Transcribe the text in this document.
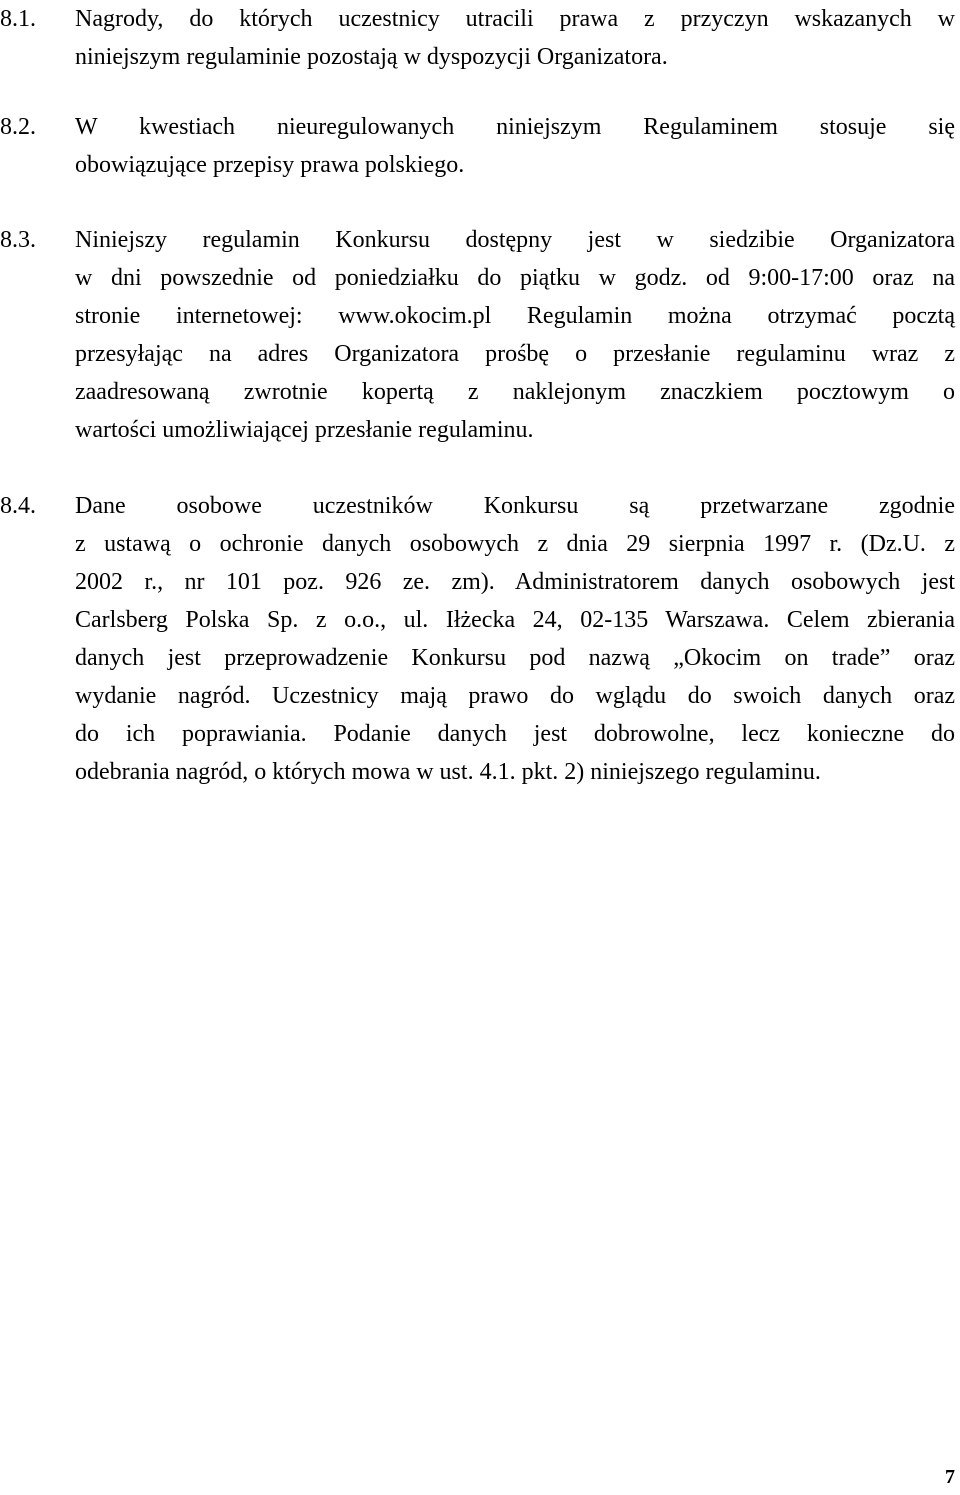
8.1. Nagrody, do których uczestnicy utracili prawa z przyczyn wskazanych w
niniejszym regulaminie pozostają w dyspozycji Organizatora.
8.2. W kwestiach nieuregulowanych niniejszym Regulaminem stosuje się
obowiązujące przepisy prawa polskiego.
8.3. Niniejszy regulamin Konkursu dostępny jest w siedzibie Organizatora
w dni powszednie od poniedziałku do piątku w godz. od 9:00-17:00 oraz na
stronie internetowej: www.okocim.pl Regulamin można otrzymać pocztą
przesyłając na adres Organizatora prośbę o przesłanie regulaminu wraz z
zaadresowaną zwrotnie kopertą z naklejonym znaczkiem pocztowym o
wartości umożliwiającej przesłanie regulaminu.
8.4. Dane osobowe uczestników Konkursu są przetwarzane zgodnie
z ustawą o ochronie danych osobowych z dnia 29 sierpnia 1997 r. (Dz.U. z
2002 r., nr 101 poz. 926 ze. zm). Administratorem danych osobowych jest
Carlsberg Polska Sp. z o.o., ul. Iłżecka 24, 02-135 Warszawa. Celem zbierania
danych jest przeprowadzenie Konkursu pod nazwą „Okocim on trade” oraz
wydanie nagród. Uczestnicy mają prawo do wglądu do swoich danych oraz
do ich poprawiania. Podanie danych jest dobrowolne, lecz konieczne do
odebrania nagród, o których mowa w ust. 4.1. pkt. 2) niniejszego regulaminu.
7
